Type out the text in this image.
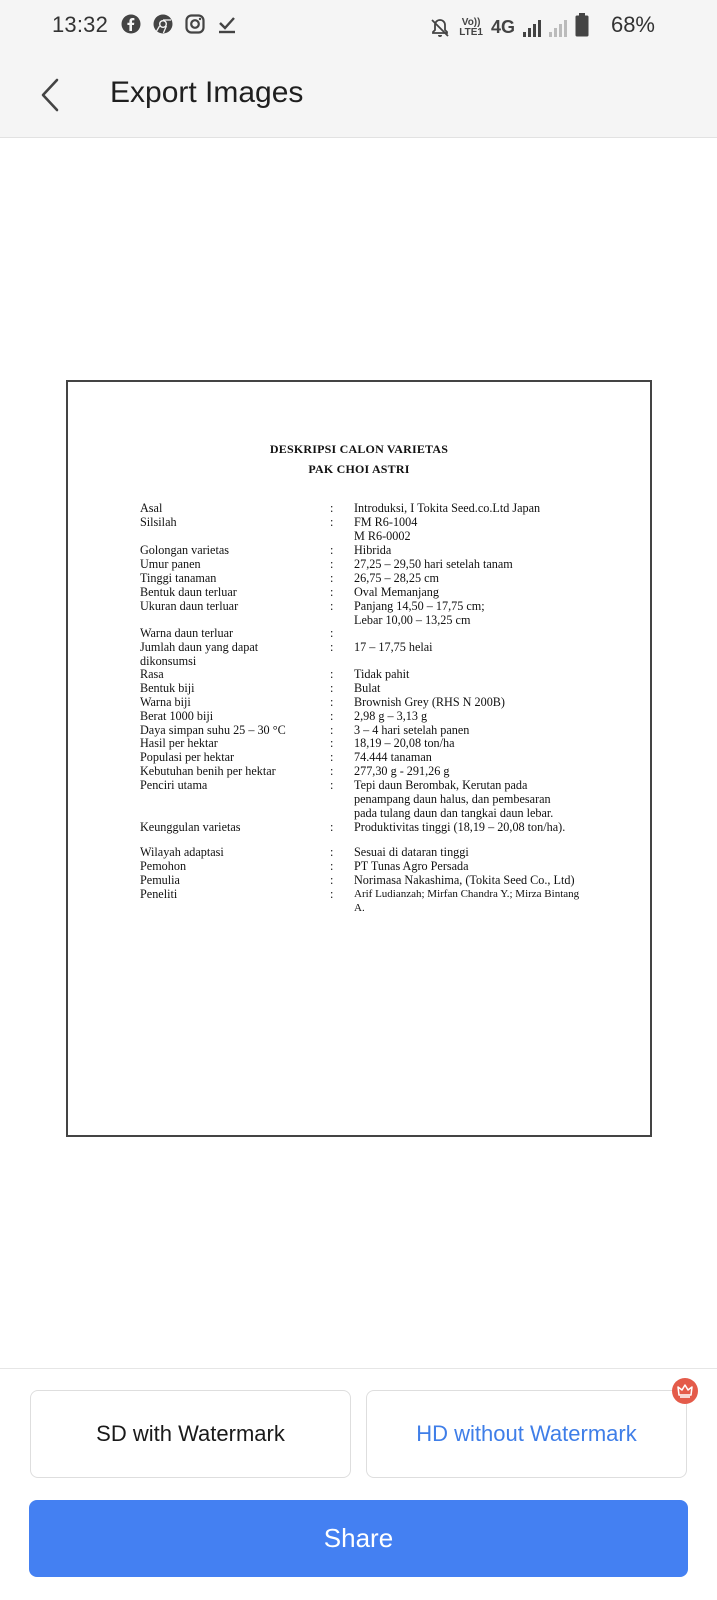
13:32	Vo))
LTE1 4G	68%
Export Images
DESKRIPSI CALON VARIETAS
PAK CHOI ASTRI
Asal	: Introduksi, I Tokita Seed.co.Ltd Japan
Silsilah	: FM R6-1004
M R6-0002
Golongan varietas	: Hibrida
Umur panen	: 27,25 – 29,50 hari setelah tanam
Tinggi tanaman	: 26,75 – 28,25 cm
Bentuk daun terluar	: Oval Memanjang
Ukuran daun terluar	: Panjang 14,50 – 17,75 cm;
Lebar 10,00 – 13,25 cm
Warna daun terluar	:
Jumlah daun yang dapat	: 17 – 17,75 helai
dikonsumsi
Rasa	: Tidak pahit
Bentuk biji	: Bulat
Warna biji	: Brownish Grey (RHS N 200B)
Berat 1000 biji	: 2,98 g – 3,13 g
Daya simpan suhu 25 – 30 °C	: 3 – 4 hari setelah panen
Hasil per hektar	: 18,19 – 20,08 ton/ha
Populasi per hektar	: 74.444 tanaman
Kebutuhan benih per hektar	: 277,30 g - 291,26 g
Penciri utama	: Tepi daun Berombak, Kerutan pada
penampang daun halus, dan pembesaran
pada tulang daun dan tangkai daun lebar.
Keunggulan varietas	: Produktivitas tinggi (18,19 – 20,08 ton/ha).
Wilayah adaptasi	: Sesuai di dataran tinggi
Pemohon	: PT Tunas Agro Persada
Pemulia	: Norimasa Nakashima, (Tokita Seed Co., Ltd)
Peneliti	: Arif Ludianzah; Mirfan Chandra Y.; Mirza Bintang
A.
SD with Watermark	HD without Watermark
Share
